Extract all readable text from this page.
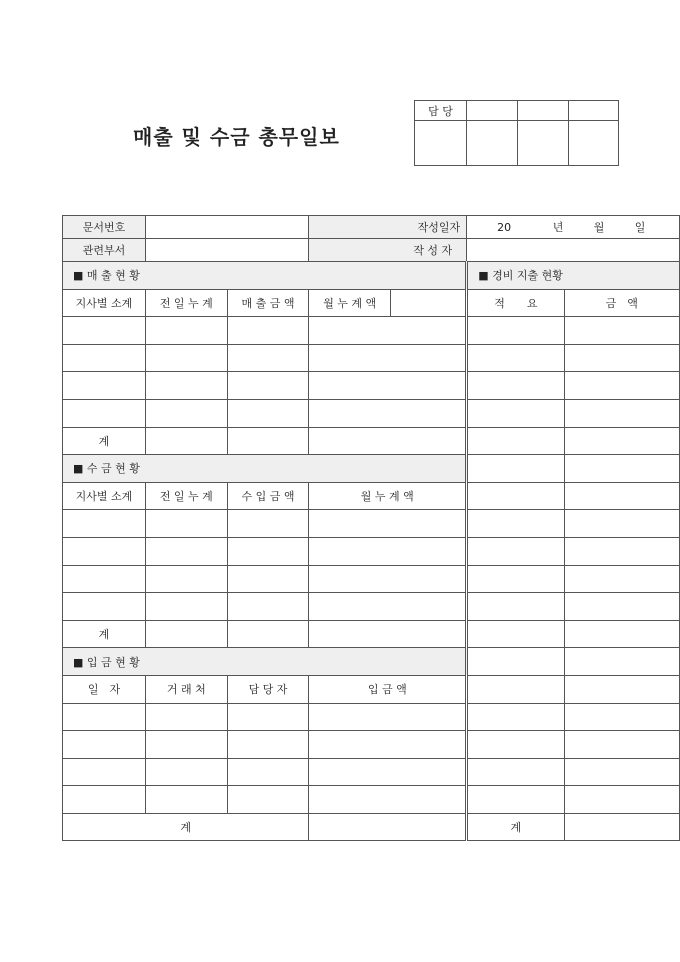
매출 및 수금 총무일보
담 당			

문서번호			작성일자		20 년 월 일	
관련부서			작 성 자			
■ 매 출 현 황					■ 경비 지출 현황	
지사별 소계	전 일 누 계	매 출 금 액	월 누 계 액		적　　요	금　액

계						
■ 수 금 현 황						
지사별 소계	전 일 누 계	수 입 금 액	월 누 계 액			

계						
■ 입 금 현 황						
일　자	거 래 처	담 당 자	입 금 액			

계					계	
